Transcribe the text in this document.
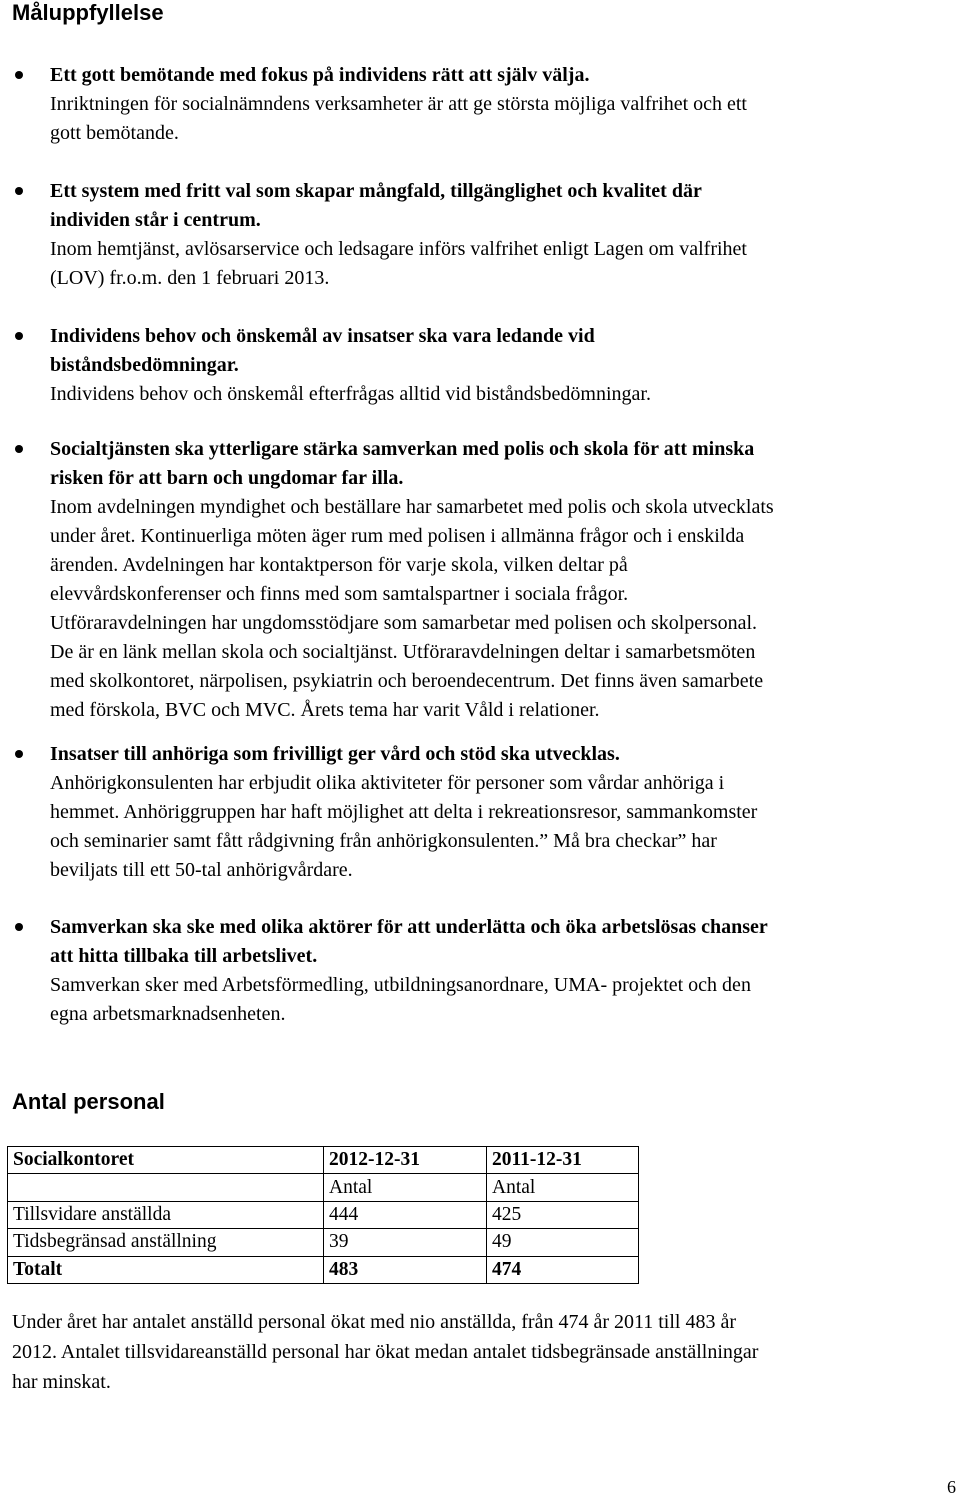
Måluppfyllelse
Ett gott bemötande med fokus på individens rätt att själv välja.
Inriktningen för socialnämndens verksamheter är att ge största möjliga valfrihet och ett
gott bemötande.
Ett system med fritt val som skapar mångfald, tillgänglighet och kvalitet där
individen står i centrum.
Inom hemtjänst, avlösarservice och ledsagare införs valfrihet enligt Lagen om valfrihet
(LOV) fr.o.m. den 1 februari 2013.
Individens behov och önskemål av insatser ska vara ledande vid
biståndsbedömningar.
Individens behov och önskemål efterfrågas alltid vid biståndsbedömningar.
Socialtjänsten ska ytterligare stärka samverkan med polis och skola för att minska
risken för att barn och ungdomar far illa.
Inom avdelningen myndighet och beställare har samarbetet med polis och skola utvecklats
under året. Kontinuerliga möten äger rum med polisen i allmänna frågor och i enskilda
ärenden. Avdelningen har kontaktperson för varje skola, vilken deltar på
elevvårdskonferenser och finns med som samtalspartner i sociala frågor.
Utföraravdelningen har ungdomsstödjare som samarbetar med polisen och skolpersonal.
De är en länk mellan skola och socialtjänst. Utföraravdelningen deltar i samarbetsmöten
med skolkontoret, närpolisen, psykiatrin och beroendecentrum. Det finns även samarbete
med förskola, BVC och MVC. Årets tema har varit Våld i relationer.
Insatser till anhöriga som frivilligt ger vård och stöd ska utvecklas.
Anhörigkonsulenten har erbjudit olika aktiviteter för personer som vårdar anhöriga i
hemmet. Anhöriggruppen har haft möjlighet att delta i rekreationsresor, sammankomster
och seminarier samt fått rådgivning från anhörigkonsulenten.” Må bra checkar” har
beviljats till ett 50-tal anhörigvårdare.
Samverkan ska ske med olika aktörer för att underlätta och öka arbetslösas chanser
att hitta tillbaka till arbetslivet.
Samverkan sker med Arbetsförmedling, utbildningsanordnare, UMA- projektet och den
egna arbetsmarknadsenheten.
Antal personal
Socialkontoret	2012-12-31	2011-12-31
	Antal	Antal
Tillsvidare anställda	444	425
Tidsbegränsad anställning	39	49
Totalt	483	474
Under året har antalet anställd personal ökat med nio anställda, från 474 år 2011 till 483 år
2012. Antalet tillsvidareanställd personal har ökat medan antalet tidsbegränsade anställningar
har minskat.
6
